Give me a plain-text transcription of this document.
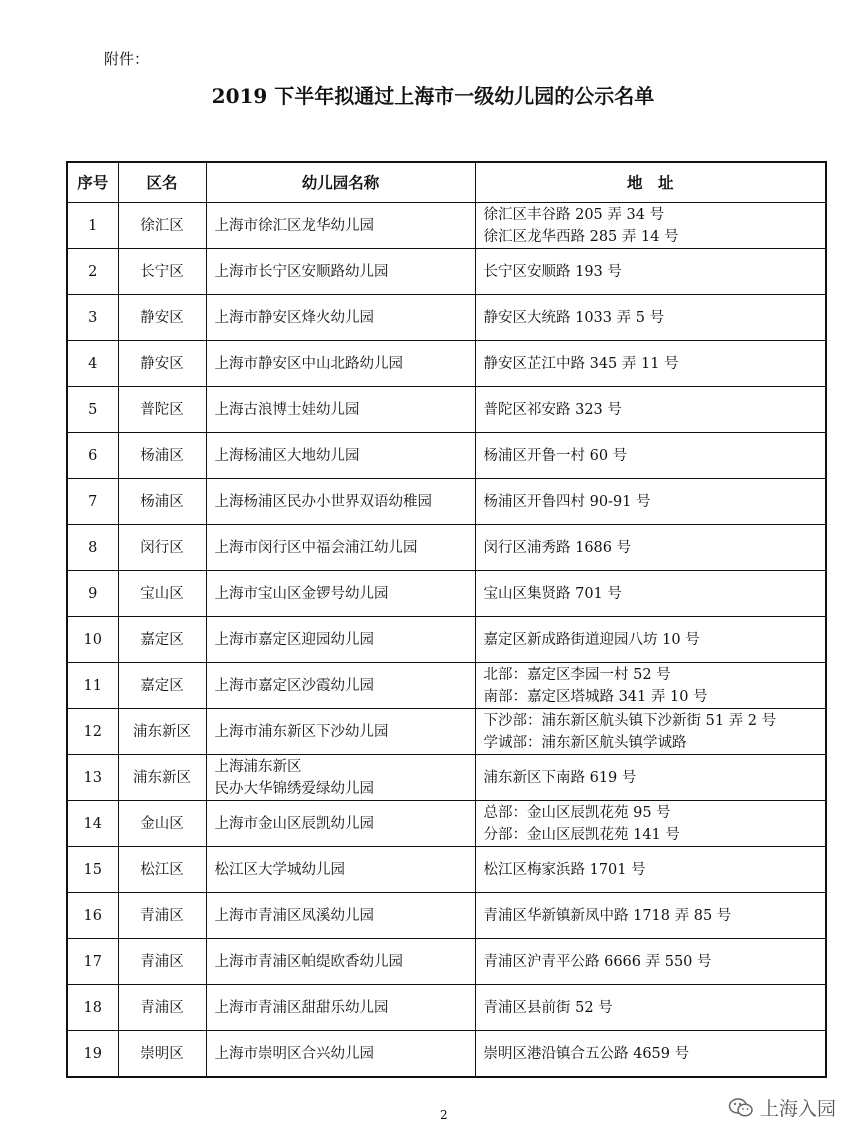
附件：
2019 下半年拟通过上海市一级幼儿园的公示名单
序号	区名	幼儿园名称	地　址
1	徐汇区	上海市徐汇区龙华幼儿园	徐汇区丰谷路 205 弄 34 号
徐汇区龙华西路 285 弄 14 号

2	长宁区	上海市长宁区安顺路幼儿园	长宁区安顺路 193 号

3	静安区	上海市静安区烽火幼儿园	静安区大统路 1033 弄 5 号

4	静安区	上海市静安区中山北路幼儿园	静安区芷江中路 345 弄 11 号

5	普陀区	上海古浪博士娃幼儿园	普陀区祁安路 323 号

6	杨浦区	上海杨浦区大地幼儿园	杨浦区开鲁一村 60 号

7	杨浦区	上海杨浦区民办小世界双语幼稚园	杨浦区开鲁四村 90-91 号

8	闵行区	上海市闵行区中福会浦江幼儿园	闵行区浦秀路 1686 号

9	宝山区	上海市宝山区金锣号幼儿园	宝山区集贤路 701 号

10	嘉定区	上海市嘉定区迎园幼儿园	嘉定区新成路街道迎园八坊 10 号

11	嘉定区	上海市嘉定区沙霞幼儿园	北部：嘉定区李园一村 52 号
南部：嘉定区塔城路 341 弄 10 号

12	浦东新区	上海市浦东新区下沙幼儿园	下沙部：浦东新区航头镇下沙新街 51 弄 2 号
学诚部：浦东新区航头镇学诚路

13	浦东新区	上海浦东新区
民办大华锦绣爱绿幼儿园	浦东新区下南路 619 号

14	金山区	上海市金山区辰凯幼儿园	总部：金山区辰凯花苑 95 号
分部：金山区辰凯花苑 141 号

15	松江区	松江区大学城幼儿园	松江区梅家浜路 1701 号

16	青浦区	上海市青浦区凤溪幼儿园	青浦区华新镇新凤中路 1718 弄 85 号

17	青浦区	上海市青浦区帕缇欧香幼儿园	青浦区沪青平公路 6666 弄 550 号

18	青浦区	上海市青浦区甜甜乐幼儿园	青浦区县前街 52 号

19	崇明区	上海市崇明区合兴幼儿园	崇明区港沿镇合五公路 4659 号
2	上海入园
